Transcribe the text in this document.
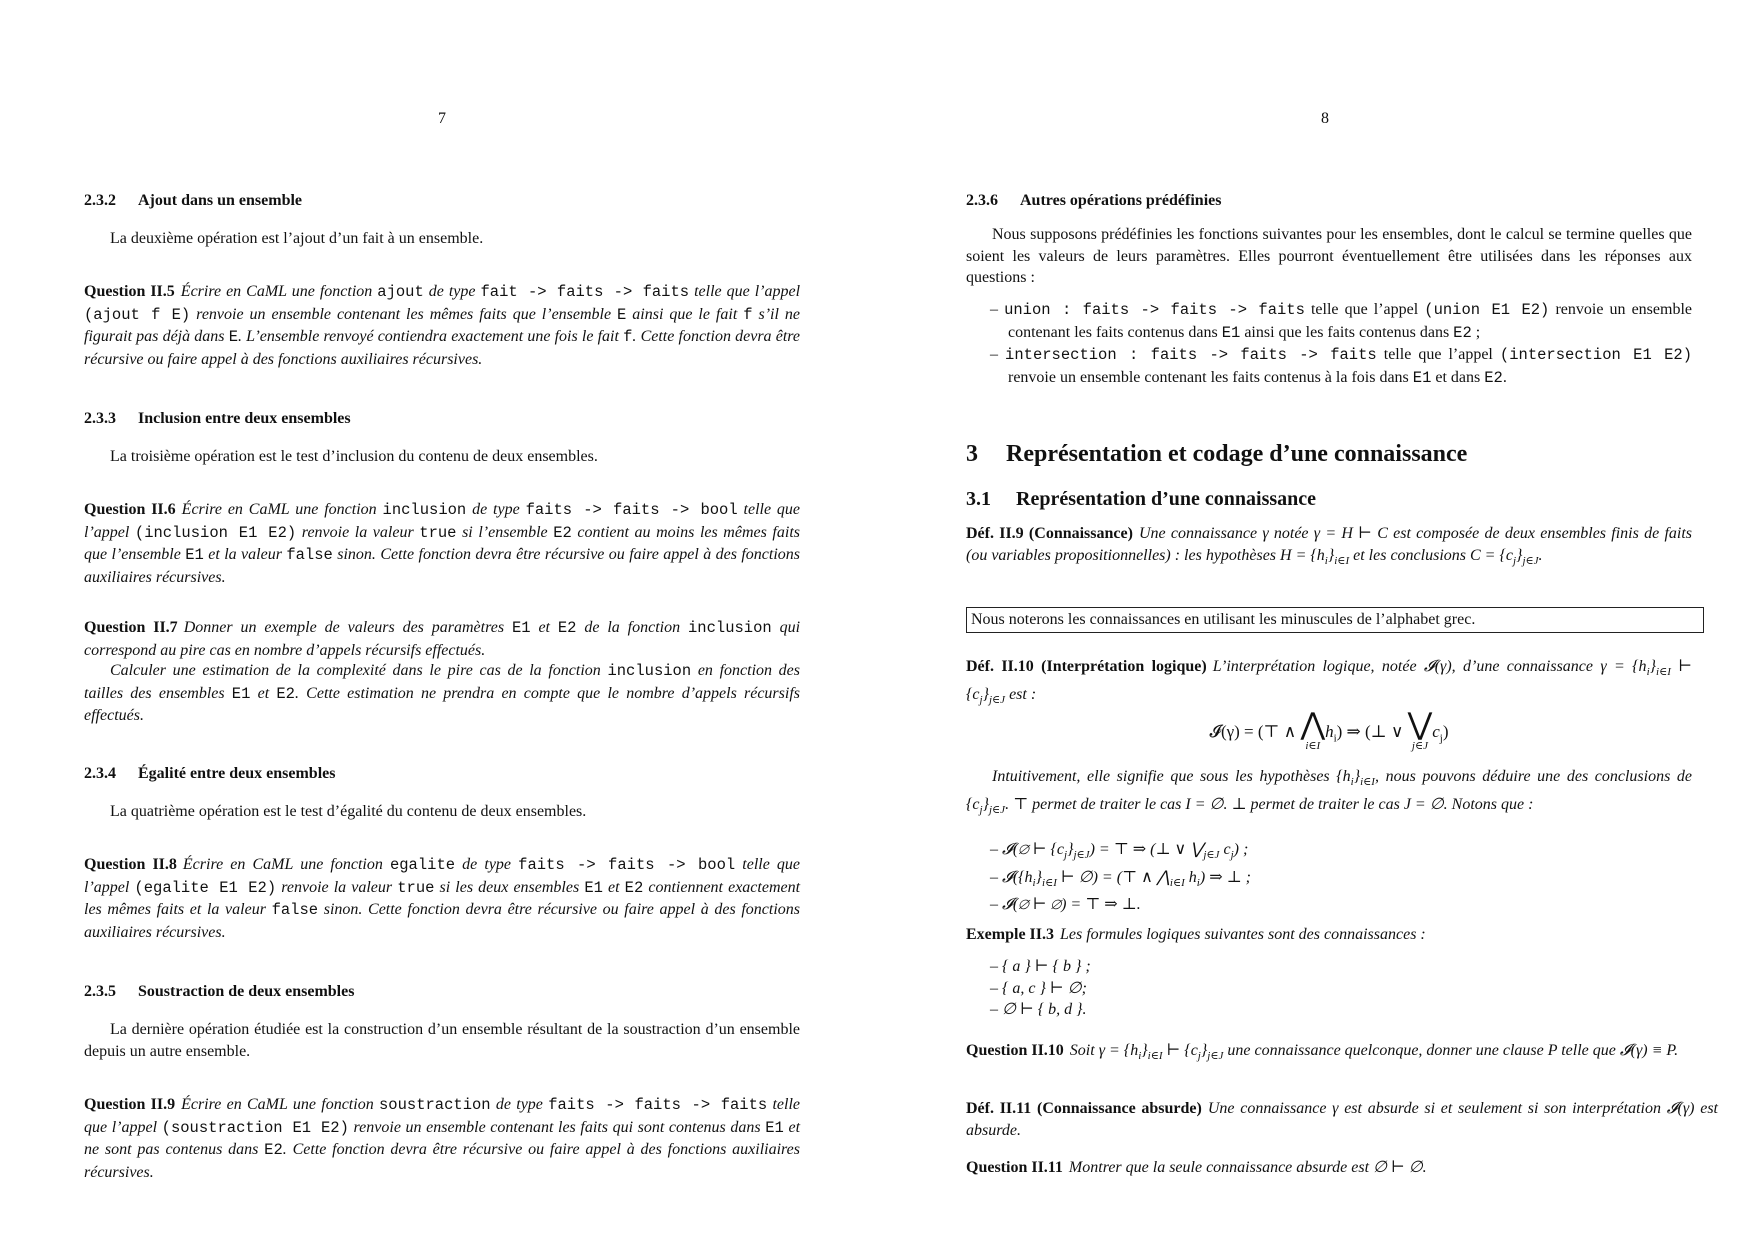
7
2.3.2 Ajout dans un ensemble
La deuxième opération est l’ajout d’un fait à un ensemble.
Question II.5 Écrire en CaML une fonction ajout de type fait -> faits -> faits telle que l’appel (ajout f E) renvoie un ensemble contenant les mêmes faits que l’ensemble E ainsi que le fait f s’il ne figurait pas déjà dans E. L’ensemble renvoyé contiendra exactement une fois le fait f. Cette fonction devra être récursive ou faire appel à des fonctions auxiliaires récursives.
2.3.3 Inclusion entre deux ensembles
La troisième opération est le test d’inclusion du contenu de deux ensembles.
Question II.6 Écrire en CaML une fonction inclusion de type faits -> faits -> bool telle que l’appel (inclusion E1 E2) renvoie la valeur true si l’ensemble E2 contient au moins les mêmes faits que l’ensemble E1 et la valeur false sinon. Cette fonction devra être récursive ou faire appel à des fonctions auxiliaires récursives.
Question II.7 Donner un exemple de valeurs des paramètres E1 et E2 de la fonction inclusion qui correspond au pire cas en nombre d’appels récursifs effectués.
Calculer une estimation de la complexité dans le pire cas de la fonction inclusion en fonction des tailles des ensembles E1 et E2. Cette estimation ne prendra en compte que le nombre d’appels récursifs effectués.
2.3.4 Égalité entre deux ensembles
La quatrième opération est le test d’égalité du contenu de deux ensembles.
Question II.8 Écrire en CaML une fonction egalite de type faits -> faits -> bool telle que l’appel (egalite E1 E2) renvoie la valeur true si les deux ensembles E1 et E2 contiennent exactement les mêmes faits et la valeur false sinon. Cette fonction devra être récursive ou faire appel à des fonctions auxiliaires récursives.
2.3.5 Soustraction de deux ensembles
La dernière opération étudiée est la construction d’un ensemble résultant de la soustraction d’un ensemble depuis un autre ensemble.
Question II.9 Écrire en CaML une fonction soustraction de type faits -> faits -> faits telle que l’appel (soustraction E1 E2) renvoie un ensemble contenant les faits qui sont contenus dans E1 et ne sont pas contenus dans E2. Cette fonction devra être récursive ou faire appel à des fonctions auxiliaires récursives.
8
2.3.6 Autres opérations prédéfinies
Nous supposons prédéfinies les fonctions suivantes pour les ensembles, dont le calcul se termine quelles que soient les valeurs de leurs paramètres. Elles pourront éventuellement être utilisées dans les réponses aux questions :
– union : faits -> faits -> faits telle que l’appel (union E1 E2) renvoie un ensemble contenant les faits contenus dans E1 ainsi que les faits contenus dans E2 ;
– intersection : faits -> faits -> faits telle que l’appel (intersection E1 E2) renvoie un ensemble contenant les faits contenus à la fois dans E1 et dans E2.
3 Représentation et codage d’une connaissance
3.1 Représentation d’une connaissance
Déf. II.9 (Connaissance) Une connaissance γ notée γ = H ⊢ C est composée de deux ensembles finis de faits (ou variables propositionnelles) : les hypothèses $H = \{h_i\}_{i\in I}$ et les conclusions $C = \{c_j\}_{j\in J}$.
Nous noterons les connaissances en utilisant les minuscules de l’alphabet grec.
Déf. II.10 (Interprétation logique) L’interprétation logique, notée 𝓘(γ), d’une connaissance $\gamma = \{h_i\}_{i\in I}$ ⊢ $\{c_j\}_{j\in J}$ est :
𝓘(γ) = (⊤ ∧ ⋀
i∈I
$h_i$) ⇒ (⊥ ∨ ⋁
j∈J
$c_j$)
Intuitivement, elle signifie que sous les hypothèses $\{h_i\}_{i\in I}$, nous pouvons déduire une des conclusions de $\{c_j\}_{j\in J}$. ⊤ permet de traiter le cas I = ∅. ⊥ permet de traiter le cas J = ∅. Notons que :
– 𝓘(∅ ⊢ $\{c_j\}_{j\in J}$) = ⊤ ⇒ (⊥ ∨ $⋁_{j\in J}$ $c_j$) ;
– $𝓘(\{h_i\}_{i\in I}$ ⊢ ∅) = (⊤ ∧ $⋀_{i\in I}$ $h_i$) ⇒ ⊥ ;
– 𝓘(∅ ⊢ ∅) = ⊤ ⇒ ⊥.
Exemple II.3 Les formules logiques suivantes sont des connaissances :
– { a } ⊢ { b } ;
– { a, c } ⊢ ∅;
– ∅ ⊢ { b, d }.
Question II.10 Soit $\gamma = \{h_i\}_{i\in I}$ ⊢ $\{c_j\}_{j\in J}$ une connaissance quelconque, donner une clause P telle que 𝓘(γ) ≡ P.
Déf. II.11 (Connaissance absurde) Une connaissance γ est absurde si et seulement si son interprétation 𝓘(γ) est absurde.
Question II.11 Montrer que la seule connaissance absurde est ∅ ⊢ ∅.
